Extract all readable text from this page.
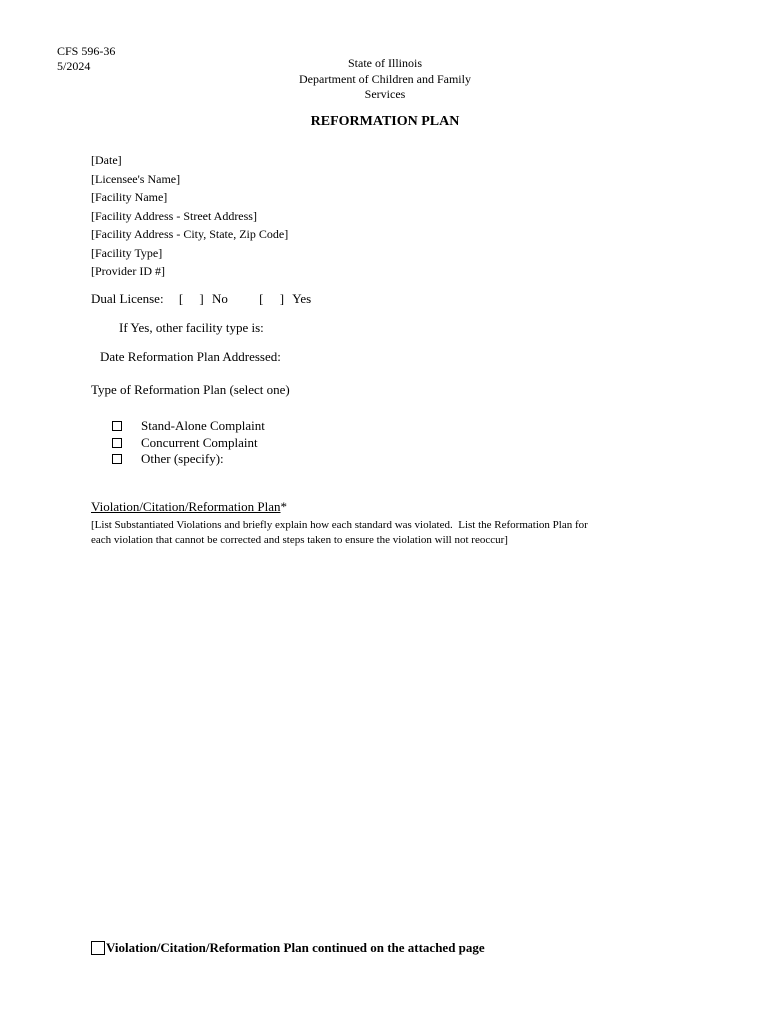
CFS 596-36
5/2024	State of Illinois
Department of Children and Family
Services
REFORMATION PLAN
[Date]
[Licensee's Name]
[Facility Name]
[Facility Address - Street Address]
[Facility Address - City, State, Zip Code]
[Facility Type]
[Provider ID #]
Dual License: [     ] No [     ] Yes
If Yes, other facility type is:
Date Reformation Plan Addressed:
Type of Reformation Plan (select one)
Stand-Alone Complaint
Concurrent Complaint
Other (specify):
Violation/Citation/Reformation Plan*
[List Substantiated Violations and briefly explain how each standard was violated.  List the Reformation Plan for
each violation that cannot be corrected and steps taken to ensure the violation will not reoccur]
Violation/Citation/Reformation Plan continued on the attached page
